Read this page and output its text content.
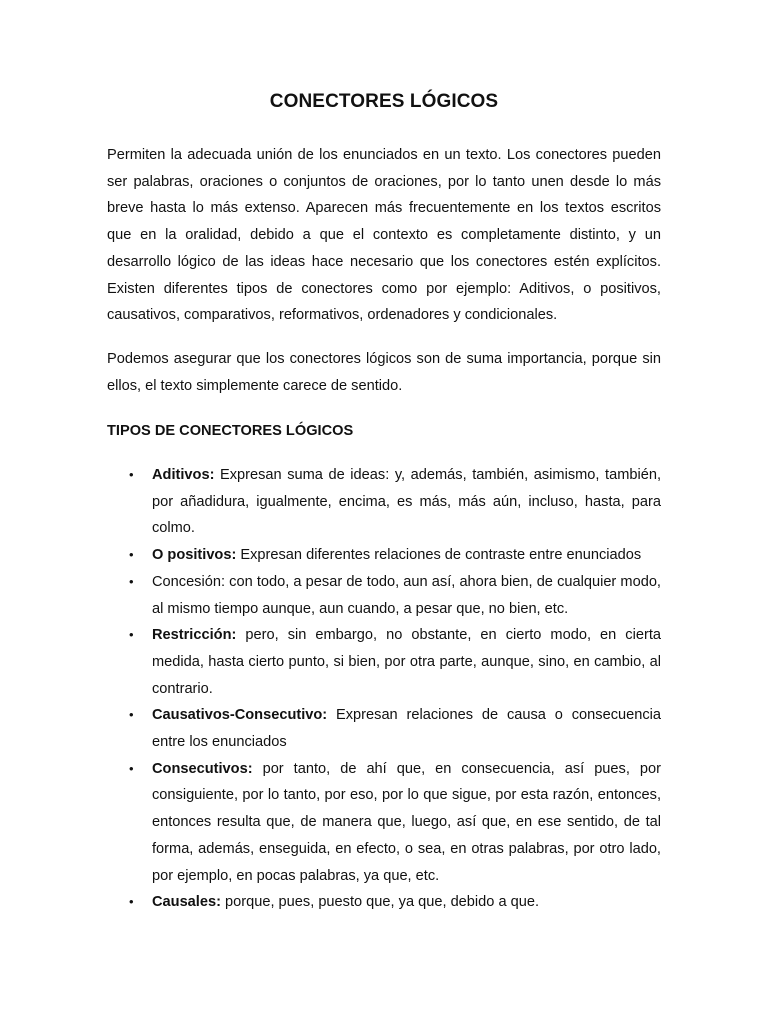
CONECTORES LÓGICOS

Permiten la adecuada unión de los enunciados en un texto. Los conectores pueden ser palabras, oraciones o conjuntos de oraciones, por lo tanto unen desde lo más breve hasta lo más extenso. Aparecen más frecuentemente en los textos escritos que en la oralidad, debido a que el contexto es completamente distinto, y un desarrollo lógico de las ideas hace necesario que los conectores estén explícitos. Existen diferentes tipos de conectores como por ejemplo: Aditivos, o positivos, causativos, comparativos, reformativos, ordenadores y condicionales.

Podemos asegurar que los conectores lógicos son de suma importancia, porque sin ellos, el texto simplemente carece de sentido.

TIPOS DE CONECTORES LÓGICOS
• Aditivos: Expresan suma de ideas: y, además, también, asimismo, también, por añadidura, igualmente, encima, es más, más aún, incluso, hasta, para colmo.
• O positivos: Expresan diferentes relaciones de contraste entre enunciados
• Concesión: con todo, a pesar de todo, aun así, ahora bien, de cualquier modo, al mismo tiempo aunque, aun cuando, a pesar que, no bien, etc.
• Restricción: pero, sin embargo, no obstante, en cierto modo, en cierta medida, hasta cierto punto, si bien, por otra parte, aunque, sino, en cambio, al contrario.
• Causativos-Consecutivo: Expresan relaciones de causa o consecuencia entre los enunciados
• Consecutivos: por tanto, de ahí que, en consecuencia, así pues, por consiguiente, por lo tanto, por eso, por lo que sigue, por esta razón, entonces, entonces resulta que, de manera que, luego, así que, en ese sentido, de tal forma, además, enseguida, en efecto, o sea, en otras palabras, por otro lado, por ejemplo, en pocas palabras, ya que, etc.
• Causales: porque, pues, puesto que, ya que, debido a que.
